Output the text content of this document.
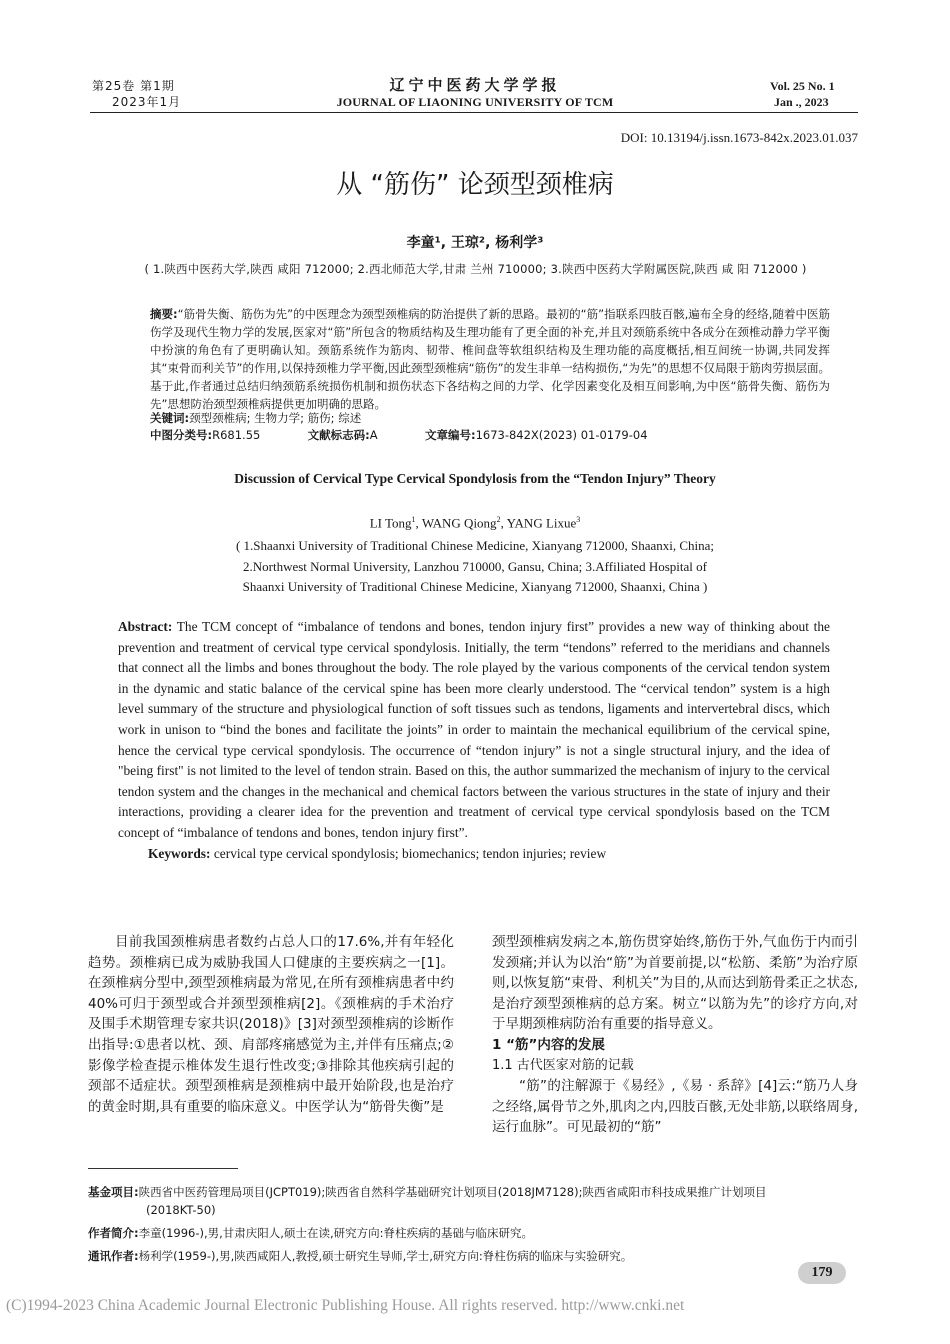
第25卷 第1期
2023年1月
辽宁中医药大学学报
JOURNAL OF LIAONING UNIVERSITY OF TCM
Vol. 25 No. 1
Jan ., 2023
DOI: 10.13194/j.issn.1673-842x.2023.01.037
从 “筋伤” 论颈型颈椎病
李童¹, 王琼², 杨利学³
( 1.陕西中医药大学,陕西 咸阳 712000; 2.西北师范大学,甘肃 兰州 710000; 3.陕西中医药大学附属医院,陕西 咸 阳 712000 )
摘要:“筋骨失衡、筋伤为先”的中医理念为颈型颈椎病的防治提供了新的思路。最初的“筋”指联系四肢百骸,遍布全身的经络,随着中医筋伤学及现代生物力学的发展,医家对“筋”所包含的物质结构及生理功能有了更全面的补充,并且对颈筋系统中各成分在颈椎动静力学平衡中扮演的角色有了更明确认知。颈筋系统作为筋肉、韧带、椎间盘等软组织结构及生理功能的高度概括,相互间统一协调,共同发挥其“束骨而利关节”的作用,以保持颈椎力学平衡,因此颈型颈椎病“筋伤”的发生非单一结构损伤,“为先”的思想不仅局限于筋肉劳损层面。基于此,作者通过总结归纳颈筋系统损伤机制和损伤状态下各结构之间的力学、化学因素变化及相互间影响,为中医“筋骨失衡、筋伤为先”思想防治颈型颈椎病提供更加明确的思路。
关键词:颈型颈椎病; 生物力学; 筋伤; 综述
中图分类号:R681.55	文献标志码:A	文章编号:1673-842X(2023) 01-0179-04
Discussion of Cervical Type Cervical Spondylosis from the “Tendon Injury” Theory
LI Tong$^1$, WANG Qiong$^2$, YANG Lixue$^3$
( 1.Shaanxi University of Traditional Chinese Medicine, Xianyang 712000, Shaanxi, China;
2.Northwest Normal University, Lanzhou 710000, Gansu, China; 3.Affiliated Hospital of
Shaanxi University of Traditional Chinese Medicine, Xianyang 712000, Shaanxi, China )
Abstract: The TCM concept of “imbalance of tendons and bones, tendon injury first” provides a new way of thinking about the prevention and treatment of cervical type cervical spondylosis. Initially, the term “tendons” referred to the meridians and channels that connect all the limbs and bones throughout the body. The role played by the various components of the cervical tendon system in the dynamic and static balance of the cervical spine has been more clearly understood. The “cervical tendon” system is a high level summary of the structure and physiological function of soft tissues such as tendons, ligaments and intervertebral discs, which work in unison to “bind the bones and facilitate the joints” in order to maintain the mechanical equilibrium of the cervical spine, hence the cervical type cervical spondylosis. The occurrence of “tendon injury” is not a single structural injury, and the idea of "being first" is not limited to the level of tendon strain. Based on this, the author summarized the mechanism of injury to the cervical tendon system and the changes in the mechanical and chemical factors between the various structures in the state of injury and their interactions, providing a clearer idea for the prevention and treatment of cervical type cervical spondylosis based on the TCM concept of “imbalance of tendons and bones, tendon injury first”.
Keywords: cervical type cervical spondylosis; biomechanics; tendon injuries; review

目前我国颈椎病患者数约占总人口的17.6%,并有年轻化趋势。颈椎病已成为威胁我国人口健康的主要疾病之一[1]。在颈椎病分型中,颈型颈椎病最为常见,在所有颈椎病患者中约40%可归于颈型或合并颈型颈椎病[2]。《颈椎病的手术治疗及围手术期管理专家共识(2018)》[3]对颈型颈椎病的诊断作出指导:①患者以枕、颈、肩部疼痛感觉为主,并伴有压痛点;②影像学检查提示椎体发生退行性改变;③排除其他疾病引起的颈部不适症状。颈型颈椎病是颈椎病中最开始阶段,也是治疗的黄金时期,具有重要的临床意义。中医学认为“筋骨失衡”是

颈型颈椎病发病之本,筋伤贯穿始终,筋伤于外,气血伤于内而引发颈痛;并认为以治“筋”为首要前提,以“松筋、柔筋”为治疗原则,以恢复筋“束骨、利机关”为目的,从而达到筋骨柔正之状态,是治疗颈型颈椎病的总方案。树立“以筋为先”的诊疗方向,对于早期颈椎病防治有重要的指导意义。

1 “筋”内容的发展
1.1 古代医家对筋的记载

“筋”的注解源于《易经》,《易 · 系辞》[4]云:“筋乃人身之经络,属骨节之外,肌肉之内,四肢百骸,无处非筋,以联络周身,运行血脉”。可见最初的“筋”

基金项目:陕西省中医药管理局项目(JCPT019);陕西省自然科学基础研究计划项目(2018JM7128);陕西省咸阳市科技成果推广计划项目
(2018KT-50)
作者简介:李童(1996-),男,甘肃庆阳人,硕士在读,研究方向:脊柱疾病的基础与临床研究。
通讯作者:杨利学(1959-),男,陕西咸阳人,教授,硕士研究生导师,学士,研究方向:脊柱伤病的临床与实验研究。
179
(C)1994-2023 China Academic Journal Electronic Publishing House. All rights reserved. http://www.cnki.net
